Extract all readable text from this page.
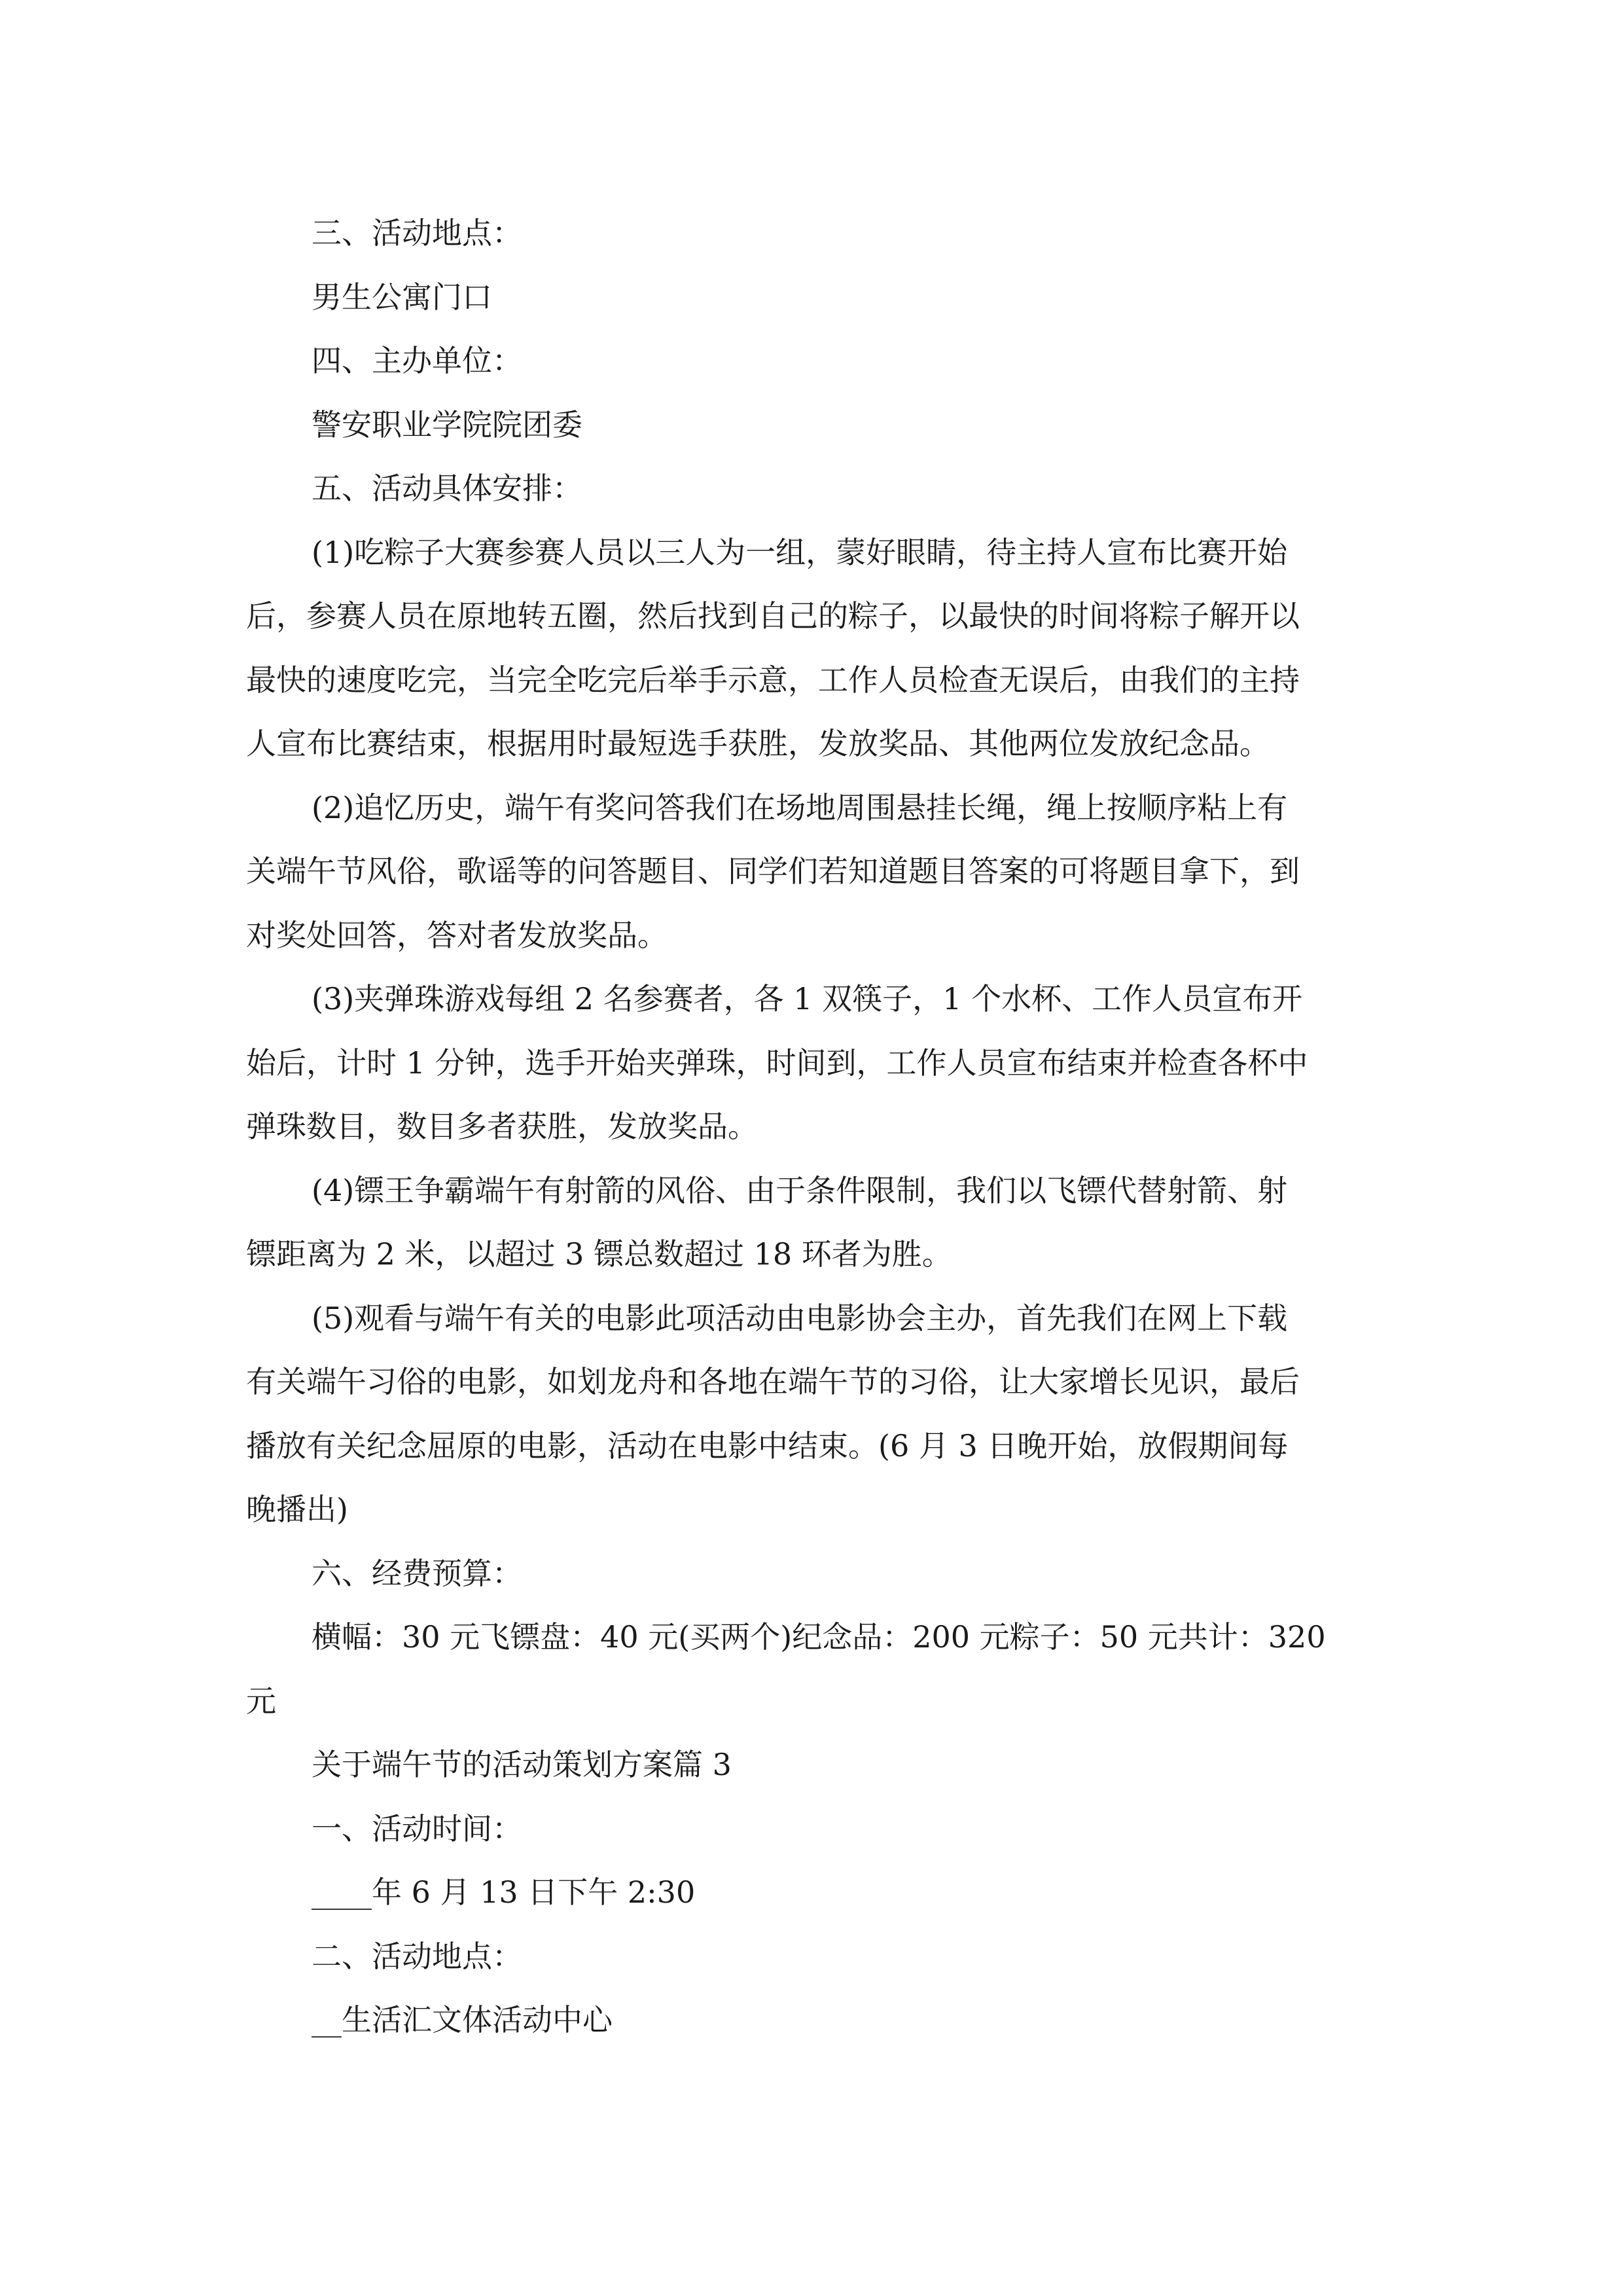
三、活动地点：
男生公寓门口
四、主办单位：
警安职业学院院团委
五、活动具体安排：
(1)吃粽子大赛参赛人员以三人为一组，蒙好眼睛，待主持人宣布比赛开始
后，参赛人员在原地转五圈，然后找到自己的粽子，以最快的时间将粽子解开以
最快的速度吃完，当完全吃完后举手示意，工作人员检查无误后，由我们的主持
人宣布比赛结束，根据用时最短选手获胜，发放奖品、其他两位发放纪念品。
(2)追忆历史，端午有奖问答我们在场地周围悬挂长绳，绳上按顺序粘上有
关端午节风俗，歌谣等的问答题目、同学们若知道题目答案的可将题目拿下，到
对奖处回答，答对者发放奖品。
(3)夹弹珠游戏每组 2 名参赛者，各 1 双筷子，1 个水杯、工作人员宣布开
始后，计时 1 分钟，选手开始夹弹珠，时间到，工作人员宣布结束并检查各杯中
弹珠数目，数目多者获胜，发放奖品。
(4)镖王争霸端午有射箭的风俗、由于条件限制，我们以飞镖代替射箭、射
镖距离为 2 米，以超过 3 镖总数超过 18 环者为胜。
(5)观看与端午有关的电影此项活动由电影协会主办，首先我们在网上下载
有关端午习俗的电影，如划龙舟和各地在端午节的习俗，让大家增长见识，最后
播放有关纪念屈原的电影，活动在电影中结束。(6 月 3 日晚开始，放假期间每
晚播出)
六、经费预算：
横幅：30 元飞镖盘：40 元(买两个)纪念品：200 元粽子：50 元共计：320
元
关于端午节的活动策划方案篇 3
一、活动时间：
____年 6 月 13 日下午 2:30
二、活动地点：
__生活汇文体活动中心
